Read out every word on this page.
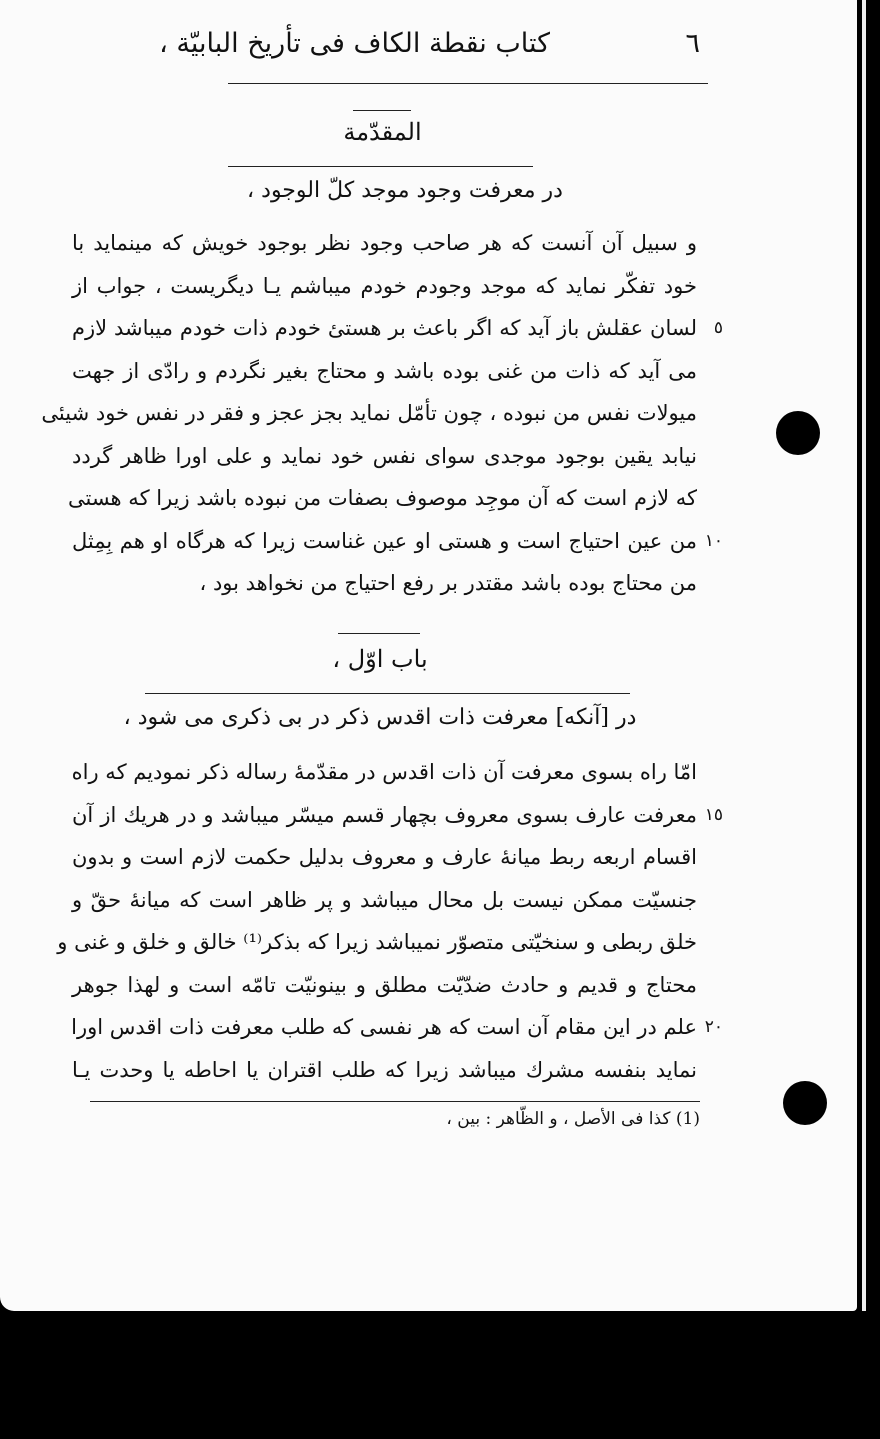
٦
کتاب نقطة الکاف فی تأریخ البابیّة ،
المقدّمة
در معرفت وجود موجد کلّ الوجود ،
و سبیل آن آنست که هر صاحب وجود نظر بوجود خویش که مینماید با
خود تفکّر نماید که موجد وجودم خودم میباشم یـا دیگریست ، جواب از
لسان عقلش باز آید که اگر باعث بر هستئ خودم ذات خودم میباشد لازم ٥
می آید که ذات من غنی بوده باشد و محتاج بغیر نگردم و رادّی از جهت
میولات نفس من نبوده ، چون تأمّل نماید بجز عجز و فقر در نفس خود شیئی
نیابد یقین بوجود موجدی سوای نفس خود نماید و علی اورا ظاهر گردد
که لازم است که آن موجِد موصوف بصفات من نبوده باشد زیرا که هستی
من عین احتیاج است و هستی او عین غناست زیرا که هرگاه او هم بِمِثل ١٠
من محتاج بوده باشد مقتدر بر رفع احتیاج من نخواهد بود ،
باب اوّل ،
در [آنکه] معرفت ذات اقدس ذکر در بی ذکری می شود ،
امّا راه بسوی معرفت آن ذات اقدس در مقدّمهٔ رساله ذکر نمودیم که راه
معرفت عارف بسوی معروف بچهار قسم میسّر میباشد و در هریك از آن ١٥
اقسام اربعه ربط میانهٔ عارف و معروف بدلیل حکمت لازم است و بدون
جنسیّت ممکن نیست بل محال میباشد و پر ظاهر است که میانهٔ حقّ و
خلق ربطی و سنخیّتی متصوّر نمیباشد زیرا که بذکر⁽¹⁾ خالق و خلق و غنی و
محتاج و قدیم و حادث ضدّیّت مطلق و بینونیّت تامّه است و لهذا جوهر
علم در این مقام آن است که هر نفسی که طلب معرفت ذات اقدس اورا ٢٠
نماید بنفسه مشرك میباشد زیرا که طلب اقتران یا احاطه یا وحدت یـا
(1) کذا فی الأصل ، و الظّاهر : بین ،
